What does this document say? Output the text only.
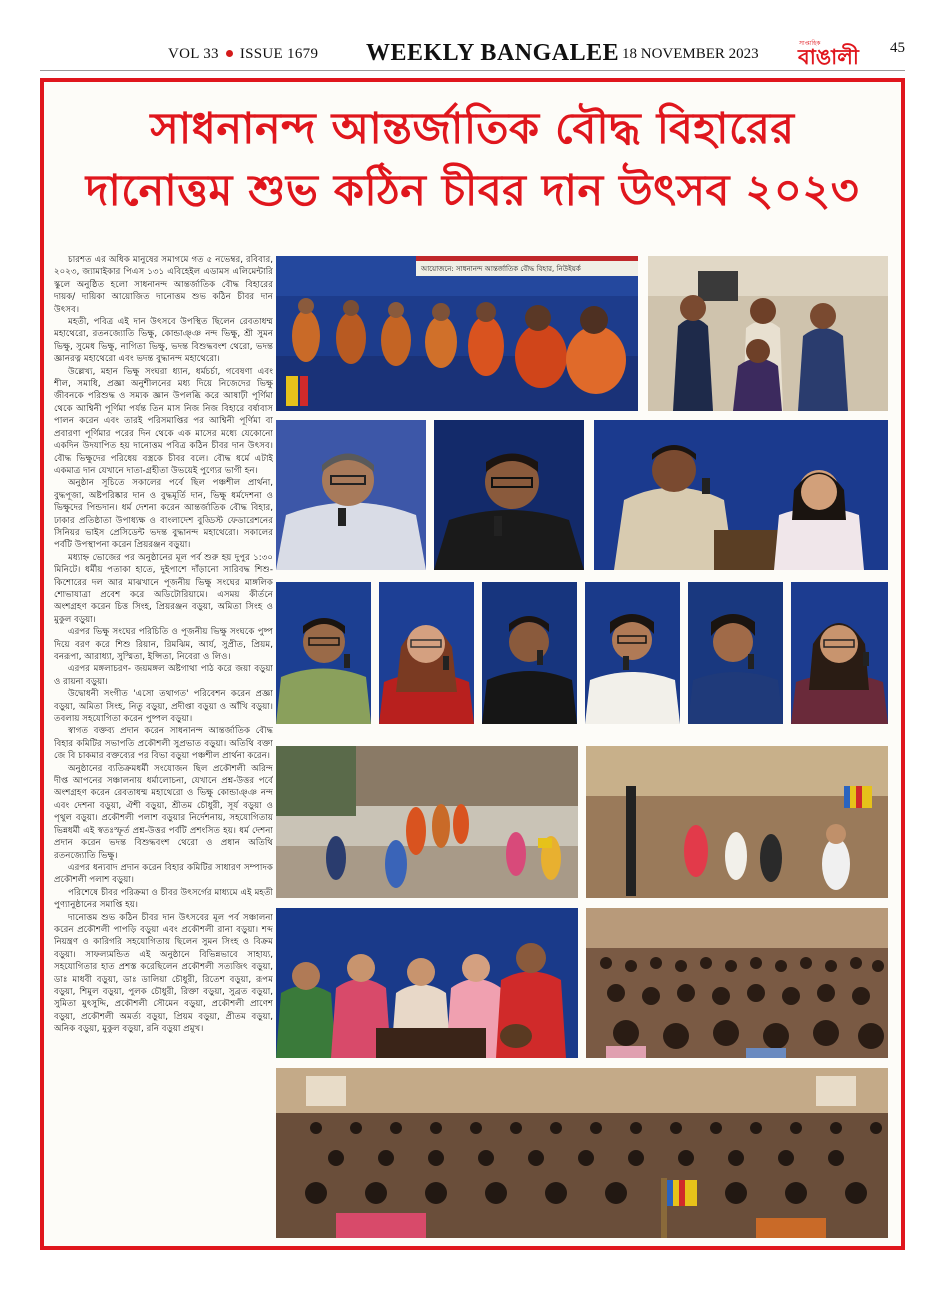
VOL 33 ISSUE 1679 WEEKLY BANGALEE 18 NOVEMBER 2023
সাপ্তাহিক
বাঙালী 45
সাধনানন্দ আন্তর্জাতিক বৌদ্ধ বিহারের
দানোত্তম শুভ কঠিন চীবর দান উৎসব ২০২৩

চারশত এর অধিক মানুষের সমাগমে গত ৫ নভেম্বর, রবিবার, ২০২৩, জ্যামাইকার পিএস ১৩১ এবিহেইল এডামস এলিমেন্টারি স্কুলে অনুষ্ঠিত হলো সাধনানন্দ আন্তর্জাতিক বৌদ্ধ বিহারের দায়ক/ দায়িকা আয়োজিত দানোত্তম শুভ কঠিন চীবর দান উৎসব।

মহতী, পবিত্র এই দান উৎসবে উপস্থিত ছিলেন রেবতাধম্ম মহাথেরো, রতনজ্যোতি ভিক্ষু, কোন্ডাঞ্ঞ নন্দ ভিক্ষু, শ্রী সুমন ভিক্ষু, সুমেধ ভিক্ষু, নাগিতা ভিক্ষু, ভদন্ত বিশুদ্ধবংশ থেরো, ভদন্ত জ্ঞানরত্ন মহাথেরো এবং ভদন্ত বুদ্ধানন্দ মহাথেরো।

উল্লেখ্য, মহান ভিক্ষু সংঘরা ধ্যান, ধর্মচর্চা, গবেষণা এবং শীল, সমাধি, প্রজ্ঞা অনুশীলনের মধ্য দিয়ে নিজেদের ভিক্ষু জীবনকে পরিশুদ্ধ ও সম্যক জ্ঞান উপলব্ধি করে আষাঢ়ী পূর্ণিমা থেকে আশ্বিনী পূর্ণিমা পর্যন্ত তিন মাস নিজ নিজ বিহারে বর্ষাবাস পালন করেন এবং তারই পরিসমাপ্তির পর আশ্বিনী পূর্ণিমা বা প্রবারণা পূর্ণিমার পরের দিন থেকে এক মাসের মধ্যে যেকোনো একদিন উদযাপিত হয় দানোত্তম পবিত্র কঠিন চীবর দান উৎসব। বৌদ্ধ ভিক্ষুদের পরিধেয় বস্ত্রকে চীবর বলে। বৌদ্ধ ধর্মে এটাই একমাত্র দান যেখানে দাতা-গ্রহীতা উভয়েই পুণ্যের ভাগী হন।

অনুষ্ঠান সূচিতে সকালের পর্বে ছিল পঞ্চশীল প্রার্থনা, বুদ্ধপূজা, অষ্টপরিষ্কার দান ও বুদ্ধমূর্তি দান, ভিক্ষু ধর্মদেশনা ও ভিক্ষুদের পিন্ডদান। ধর্ম দেশনা করেন আন্তর্জাতিক বৌদ্ধ বিহার, ঢাকার প্রতিষ্ঠাতা উপাধ্যক্ষ ও বাংলাদেশ বুড্ডিস্ট ফেডারেশনের সিনিয়র ভাইস প্রেসিডেন্ট ভদন্ত বুদ্ধানন্দ মহাথেরো। সকালের পর্বটি উপস্থাপনা করেন প্রিয়রঞ্জন বড়ুয়া।

মধ্যাহ্ন ভোজের পর অনুষ্ঠানের মূল পর্ব শুরু হয় দুপুর ১:৩০ মিনিটে। ধর্মীয় পতাকা হাতে, দুইপাশে দাঁড়ানো সারিবদ্ধ শিশু-কিশোরের দল আর মাঝখানে পূজনীয় ভিক্ষু সংঘের মাঙ্গলিক শোভাযাত্রা প্রবেশ করে অডিটোরিয়ামে। এসময় কীর্তনে অংশগ্রহণ করেন চিত্ত সিংহ, প্রিয়রঞ্জন বড়ুয়া, অমিতা সিংহ ও মুকুল বড়ুয়া।

এরপর ভিক্ষু সংঘের পরিচিতি ও পূজনীয় ভিক্ষু সংঘকে পুষ্প দিয়ে বরণ করে শিশু রিয়ান, রিমঝিম, আর্য, সুপ্রীত, প্রিয়ম, বনরূপা, আরাধ্যা, সুস্মিতা, ইপ্সিতা, নিবেরা ও লিও।

এরপর মঙ্গলাচরণ- জয়মঙ্গল অষ্টগাথা পাঠ করে জয়া বড়ুয়া ও রায়না বড়ুয়া।

উদ্বোধনী সংগীত 'এসো তথাগত' পরিবেশন করেন প্রজ্ঞা বড়ুয়া, অমিতা সিংহ, নিতু বড়ুয়া, প্রদীপ্তা বড়ুয়া ও আঁখি বড়ুয়া। তবলায় সহযোগিতা করেন পুষ্পল বড়ুয়া।

স্বাগত বক্তব্য প্রদান করেন সাধনানন্দ আন্তর্জাতিক বৌদ্ধ বিহার কমিটির সভাপতি প্রকৌশলী সুপ্রভাত বড়ুয়া। অতিথি বক্তা জে বি চাকমার বক্তব্যের পর বিভা বড়ুয়া পঞ্চশীল প্রার্থনা করেন।

অনুষ্ঠানের ব্যতিক্রমধর্মী সংযোজন ছিল প্রকৌশলী অরিন্দ দীপ্ত আপনের সঞ্চালনায় ধর্মালোচনা, যেখানে প্রশ্ন-উত্তর পর্বে অংশগ্রহণ করেন রেবতাধম্ম মহাথেরো ও ভিক্ষু কোন্ডাঞ্ঞ নন্দ এবং দেশনা বড়ুয়া, ঐশী বড়ুয়া, শ্রীতম চৌধুরী, সূর্য বড়ুয়া ও পৃথুল বড়ুয়া। প্রকৌশলী পলাশ বড়ুয়ার নির্দেশনায়, সহযোগিতায় ভিন্নধর্মী এই স্বতঃস্ফূর্ত প্রশ্ন-উত্তর পর্বটি প্রশংসিত হয়। ধর্ম দেশনা প্রদান করেন ভদন্ত বিশুদ্ধবংশ থেরো ও প্রধান অতিথি রতনজ্যোতি ভিক্ষু।

এরপর ধন্যবাদ প্রদান করেন বিহার কমিটির সাধারণ সম্পাদক প্রকৌশলী পলাশ বড়ুয়া।

পরিশেষে চীবর পরিক্রমা ও চীবর উৎসর্গের মাধ্যমে এই মহতী পুণ্যানুষ্ঠানের সমাপ্তি হয়।

দানোত্তম শুভ কঠিন চীবর দান উৎসবের মূল পর্ব সঞ্চালনা করেন প্রকৌশলী পাপড়ি বড়ুয়া এবং প্রকৌশলী রানা বড়ুয়া। শব্দ নিয়ন্ত্রণ ও কারিগরি সহযোগিতায় ছিলেন সুমন সিংহ ও বিক্রম বড়ুয়া। সাফল্যমন্ডিত এই অনুষ্ঠানে বিভিন্নভাবে সাহায্য, সহযোগিতার হাত প্রশস্ত করেছিলেন প্রকৌশলী সত্যজিৎ বড়ুয়া, ডাঃ মাধবী বড়ুয়া, ডাঃ ডালিয়া চৌধুরী, রিতেশ বড়ুয়া, রূপম বড়ুয়া, শিমুল বড়ুয়া, পুলক চৌধুরী, রিক্তা বড়ুয়া, সুব্রত বড়ুয়া, সুমিতা মুৎসুদ্দি, প্রকৌশলী সৌমেন বড়ুয়া, প্রকৌশলী প্রাণেশ বড়ুয়া, প্রকৌশলী অমর্ত্য বড়ুয়া, প্রিয়ম বড়ুয়া, প্রীতম বড়ুয়া, অনিক বড়ুয়া, মুকুল বড়ুয়া, রনি বড়ুয়া প্রমুখ।

আয়োজনে: সাধনানন্দ আন্তর্জাতিক বৌদ্ধ বিহার, নিউইয়র্ক
